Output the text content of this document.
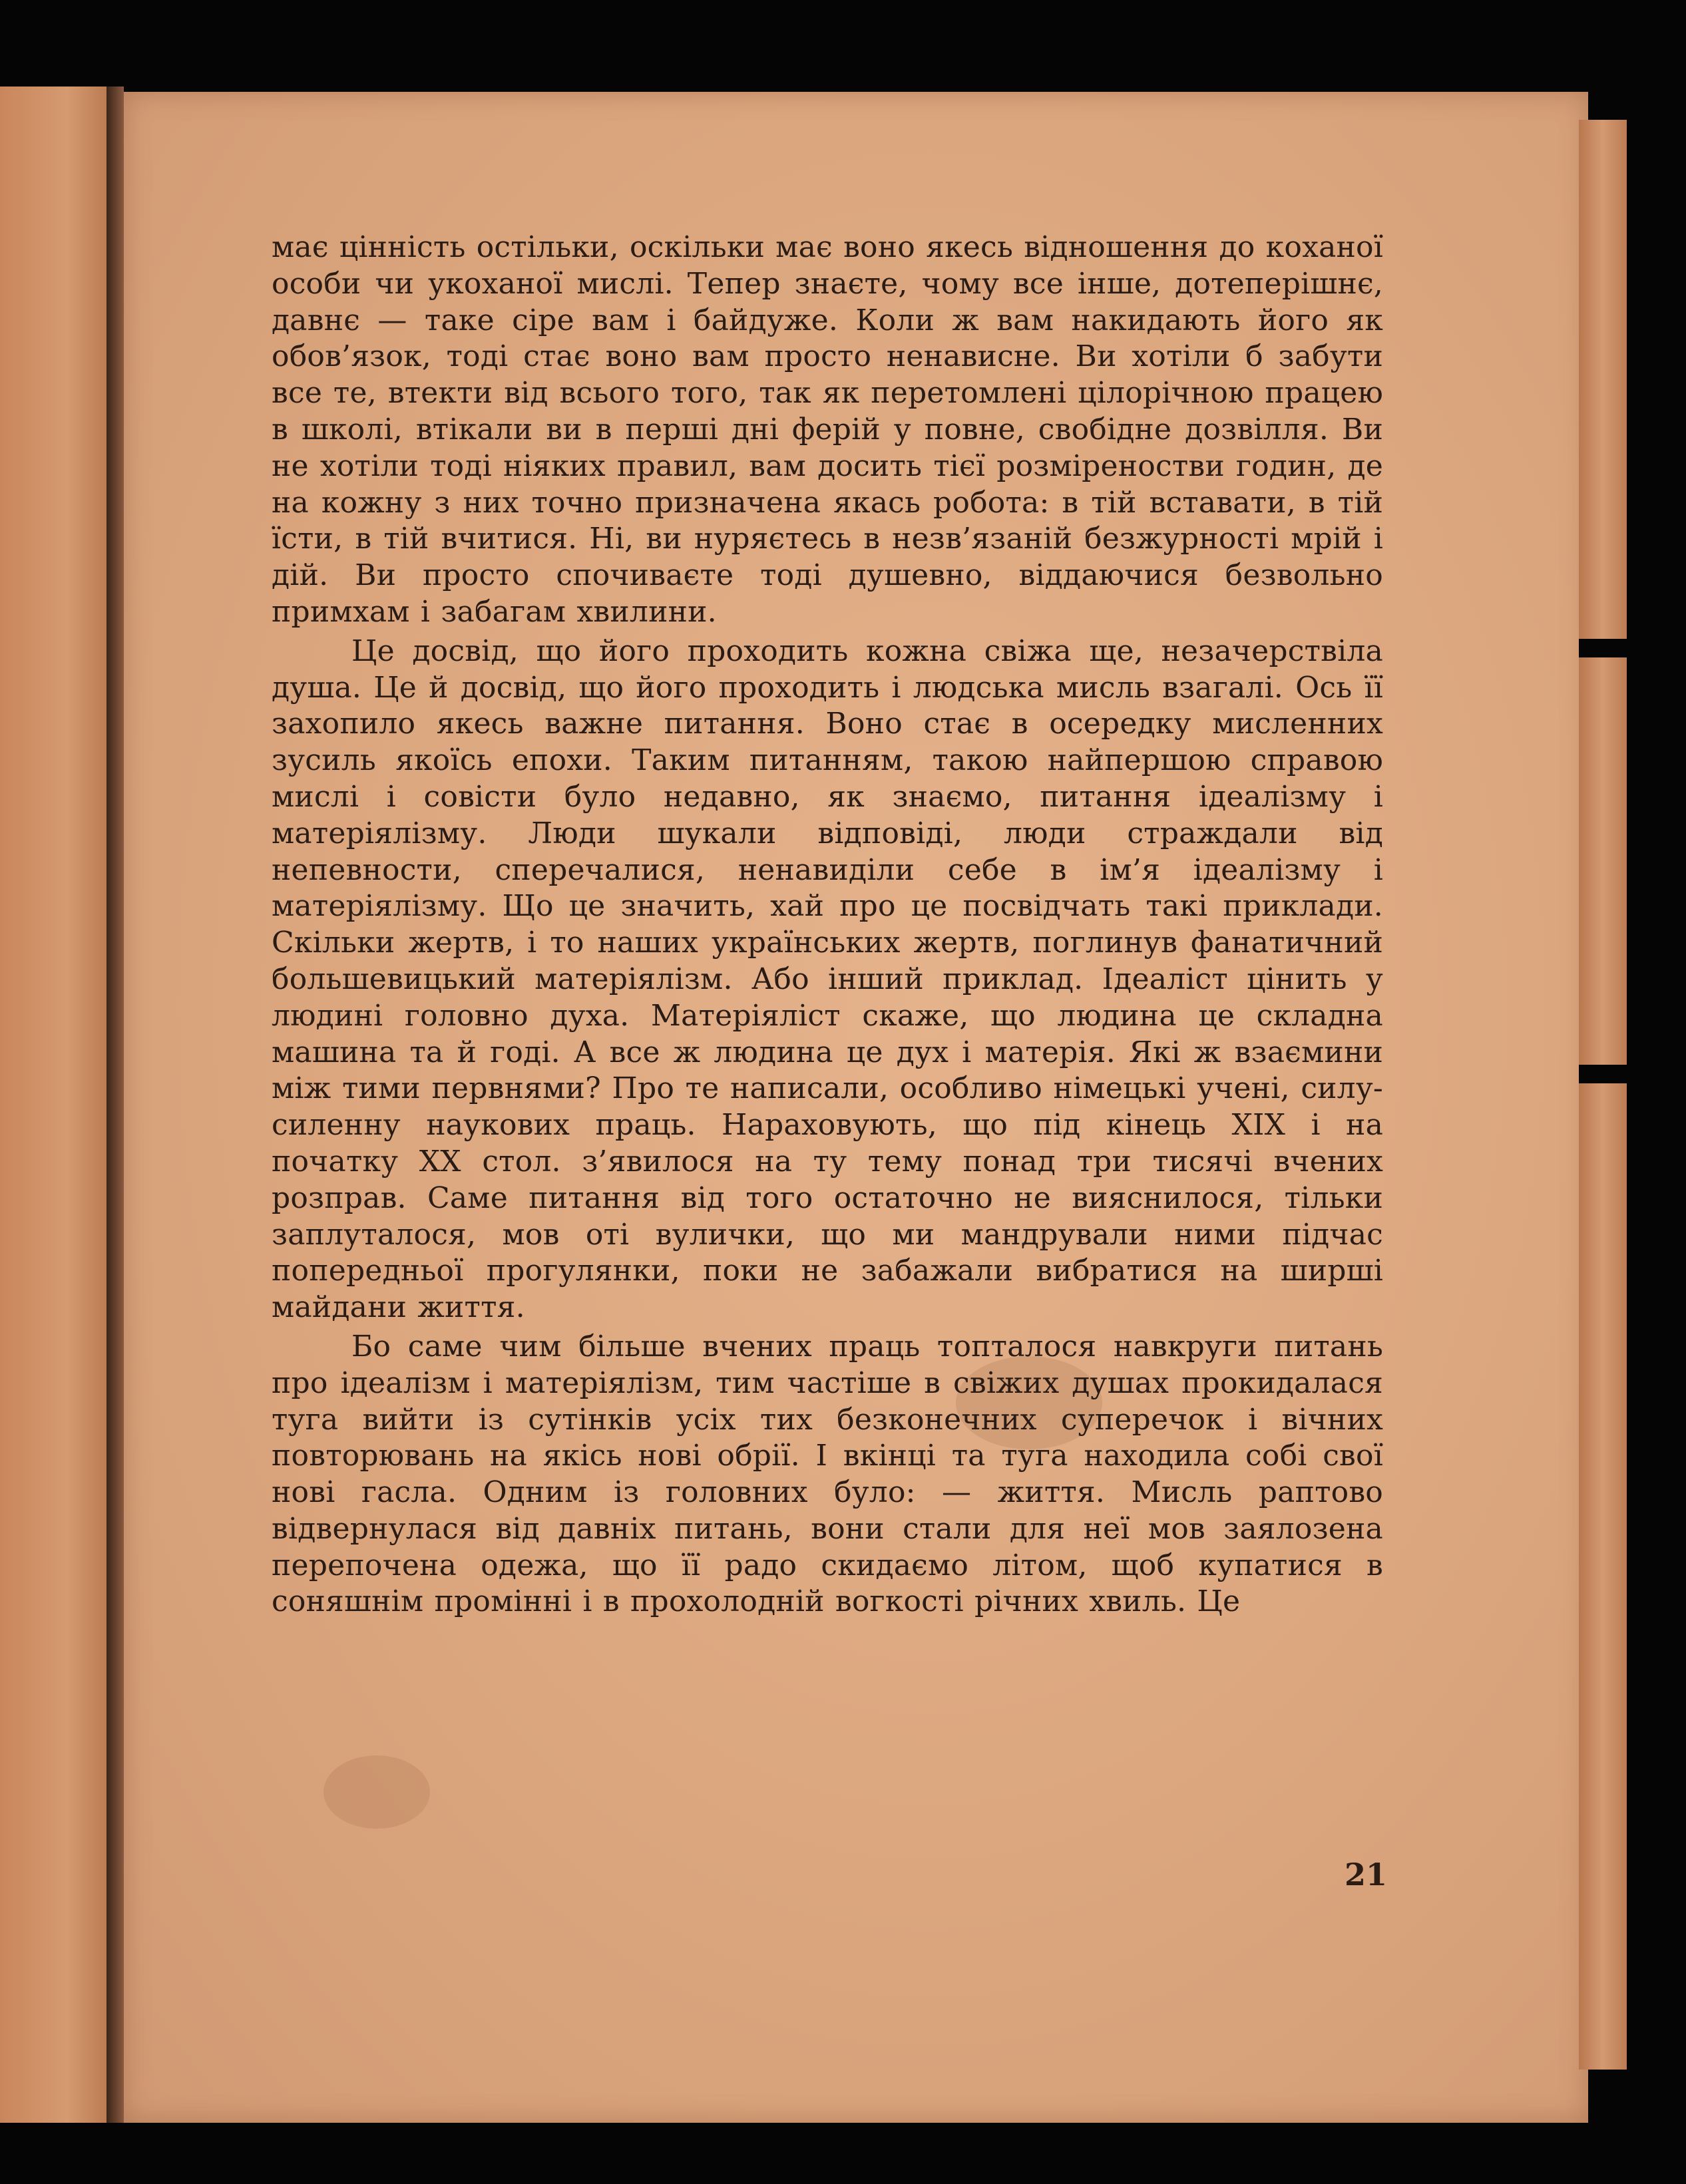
має цінність остільки, оскільки має воно якесь відношення до коханої особи чи укоханої мислі. Тепер знаєте, чому все інше, дотеперішнє, давнє — таке сіре вам і байдуже. Коли ж вам накидають його як обов’язок, тоді стає воно вам просто ненависне. Ви хотіли б забути все те, втекти від всього того, так як перетомлені цілорічною працею в школі, втікали ви в перші дні ферій у повне, свобідне дозвілля. Ви не хотіли тоді ніяких правил, вам досить тієї розміреностви годин, де на кожну з них точно призначена якась робота: в тій вставати, в тій їсти, в тій вчитися. Ні, ви нуряєтесь в незв’язаній безжурності мрій і дій. Ви просто спочиваєте тоді душевно, віддаючися безвольно примхам і забагам хвилини.

Це досвід, що його проходить кожна свіжа ще, незачерствіла душа. Це й досвід, що його проходить і людська мисль взагалі. Ось її захопило якесь важне питання. Воно стає в осередку мисленних зусиль якоїсь епохи. Таким питанням, такою найпершою справою мислі і совісти було недавно, як знаємо, питання ідеалізму і матеріялізму. Люди шукали відповіді, люди страждали від непевности, сперечалися, ненавиділи себе в ім’я ідеалізму і матеріялізму. Що це значить, хай про це посвідчать такі приклади. Скільки жертв, і то наших українських жертв, поглинув фанатичний большевицький матеріялізм. Або інший приклад. Ідеаліст цінить у людині головно духа. Матеріяліст скаже, що людина це складна машина та й годі. А все ж людина це дух і матерія. Які ж взаємини між тими первнями? Про те написали, особливо німецькі учені, силу-силенну наукових праць. Нараховують, що під кінець XIX і на початку XX стол. з’явилося на ту тему понад три тисячі вчених розправ. Саме питання від того остаточно не вияснилося, тільки заплуталося, мов оті вулички, що ми мандрували ними підчас попередньої прогулянки, поки не забажали вибратися на ширші майдани життя.

Бо саме чим більше вчених праць топталося навкруги питань про ідеалізм і матеріялізм, тим частіше в свіжих душах прокидалася туга вийти із сутінків усіх тих безконечних суперечок і вічних повторювань на якісь нові обрії. І вкінці та туга находила собі свої нові гасла. Одним із головних було: — життя. Мисль раптово відвернулася від давніх питань, вони стали для неї мов заялозена перепочена одежа, що її радо скидаємо літом, щоб купатися в соняшнім промінні і в прохолодній вогкості річних хвиль. Це

21
